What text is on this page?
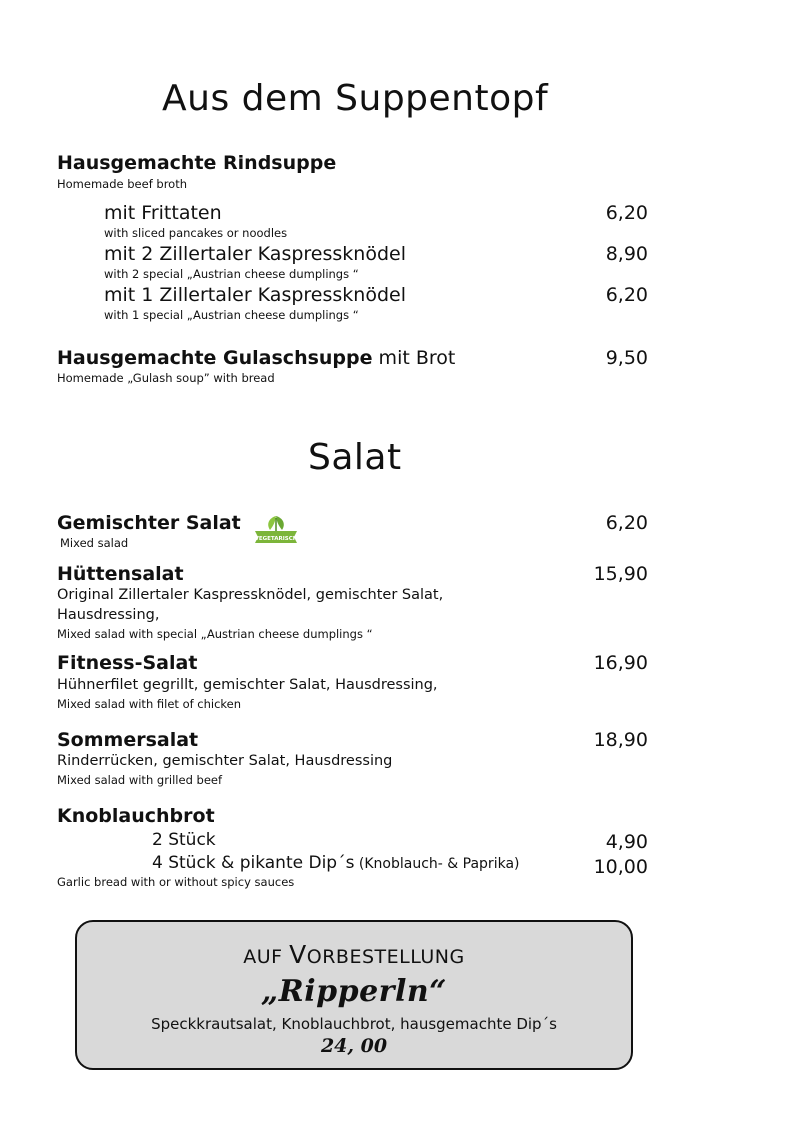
Aus dem Suppentopf
Hausgemachte Rindsuppe
Homemade beef broth
mit Frittaten
with sliced pancakes or noodles
6,20
mit 2 Zillertaler Kaspressknödel
with 2 special „Austrian cheese dumplings “
8,90
mit 1 Zillertaler Kaspressknödel
with 1 special „Austrian cheese dumplings “
6,20
Hausgemachte Gulaschsuppe mit Brot
Homemade „Gulash soup” with bread
9,50
Salat
Gemischter Salat
Mixed salad
6,20
VEGETARISCH
Hüttensalat
Original Zillertaler Kaspressknödel, gemischter Salat,
Hausdressing,
Mixed salad with special „Austrian cheese dumplings “
15,90
Fitness-Salat
Hühnerfilet gegrillt, gemischter Salat, Hausdressing,
Mixed salad with filet of chicken
16,90
Sommersalat
Rinderrücken, gemischter Salat, Hausdressing
Mixed salad with grilled beef
18,90
Knoblauchbrot
2 Stück	4,90
4 Stück & pikante Dip´s (Knoblauch- & Paprika)	10,00
Garlic bread with or without spicy sauces
AUF VORBESTELLUNG
„Ripperln“
Speckkrautsalat, Knoblauchbrot, hausgemachte Dip´s
24, 00
